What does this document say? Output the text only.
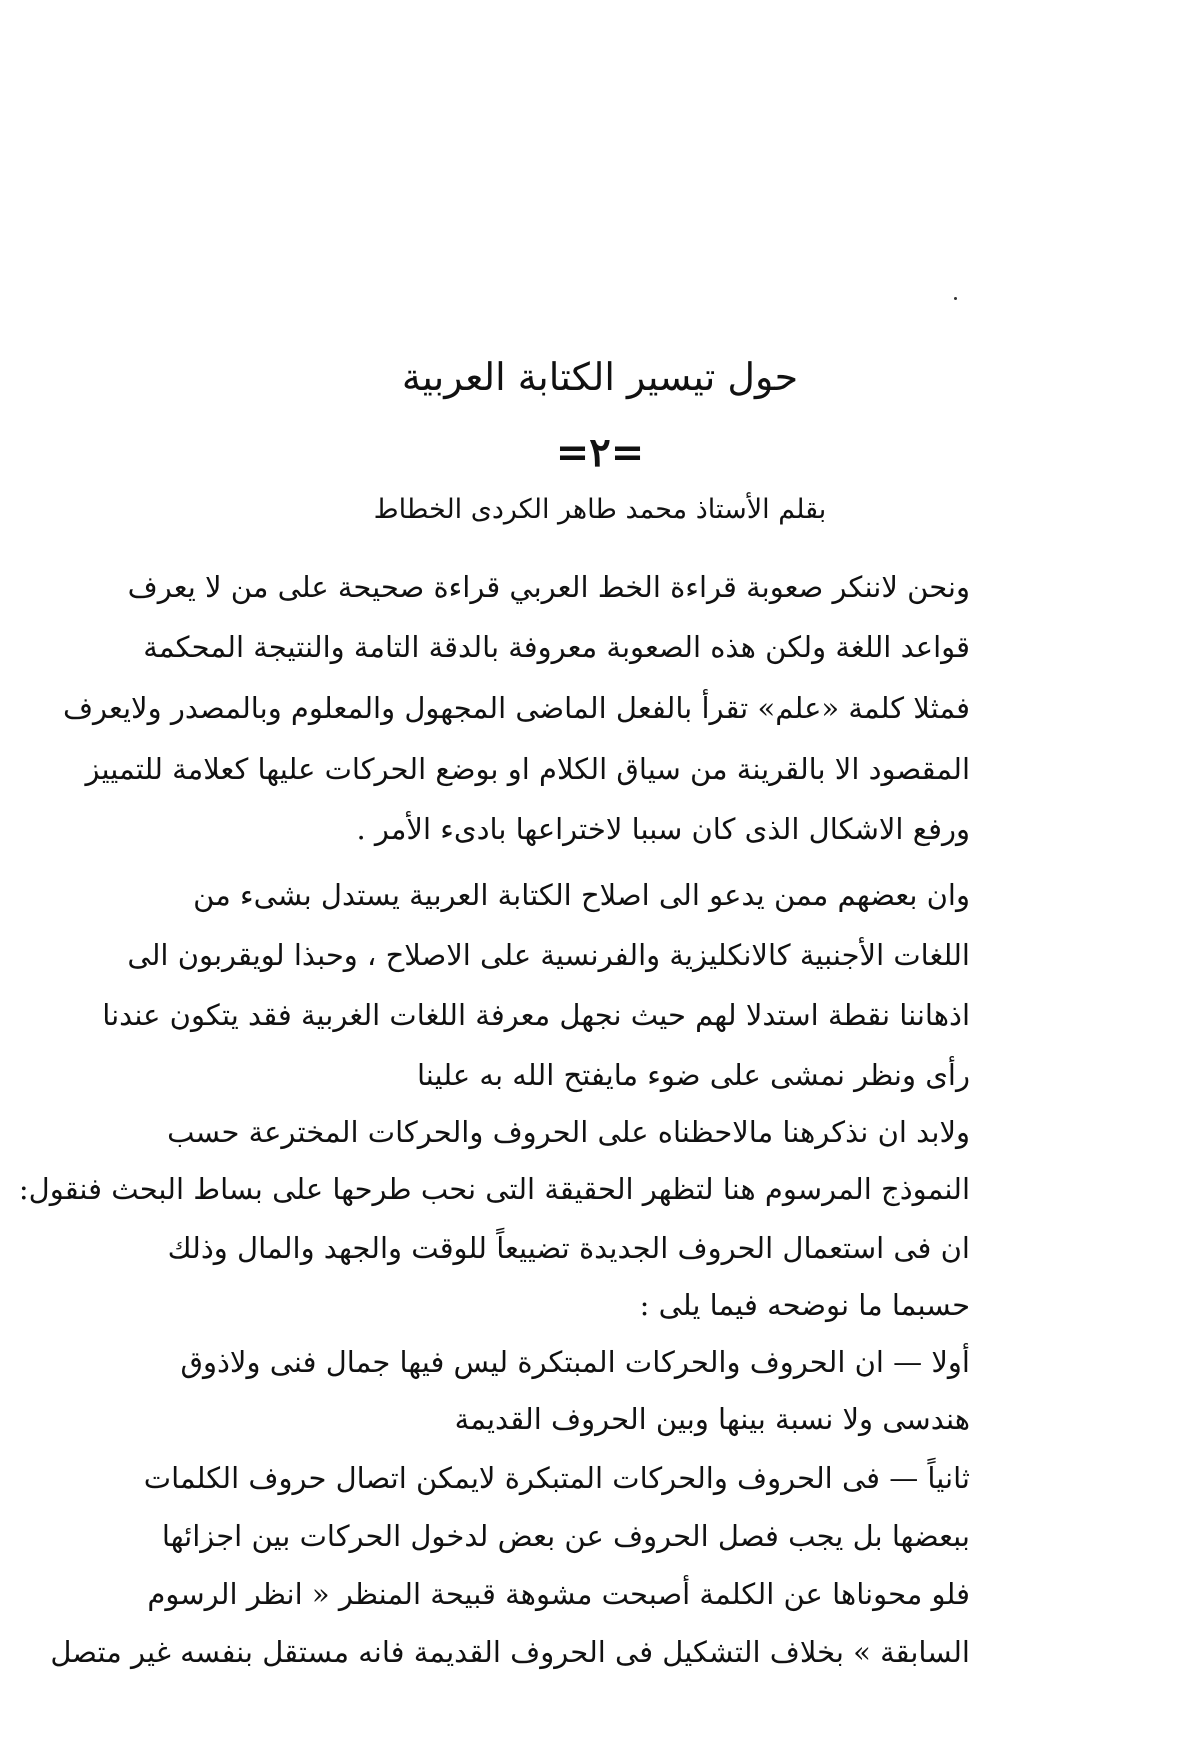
حول تيسير الكتابة العربية
=٢=
بقلم الأستاذ محمد طاهر الكردى الخطاط
ونحن لاننكر صعوبة قراءة الخط العربي قراءة صحيحة على من لا يعرف
قواعد اللغة ولكن هذه الصعوبة معروفة بالدقة التامة والنتيجة المحكمة
فمثلا كلمة «علم» تقرأ بالفعل الماضى المجهول والمعلوم وبالمصدر ولايعرف
المقصود الا بالقرينة من سياق الكلام او بوضع الحركات عليها كعلامة للتمييز
ورفع الاشكال الذى كان سببا لاختراعها بادىء الأمر .
وان بعضهم ممن يدعو الى اصلاح الكتابة العربية يستدل بشىء من
اللغات الأجنبية كالانكليزية والفرنسية على الاصلاح ، وحبذا لويقربون الى
اذهاننا نقطة استدلا لهم حيث نجهل معرفة اللغات الغربية فقد يتكون عندنا
رأى ونظر نمشى على ضوء مايفتح الله به علينا
ولابد ان نذكرهنا مالاحظناه على الحروف والحركات المخترعة حسب
النموذج المرسوم هنا لتظهر الحقيقة التى نحب طرحها على بساط البحث فنقول:
ان فى استعمال الحروف الجديدة تضييعاً للوقت والجهد والمال وذلك
حسبما ما نوضحه فيما يلى :
أولا — ان الحروف والحركات المبتكرة ليس فيها جمال فنى ولاذوق
هندسى ولا نسبة بينها وبين الحروف القديمة
ثانياً — فى الحروف والحركات المتبكرة لايمكن اتصال حروف الكلمات
ببعضها بل يجب فصل الحروف عن بعض لدخول الحركات بين اجزائها
فلو محوناها عن الكلمة أصبحت مشوهة قبيحة المنظر « انظر الرسوم
السابقة » بخلاف التشكيل فى الحروف القديمة فانه مستقل بنفسه غير متصل
